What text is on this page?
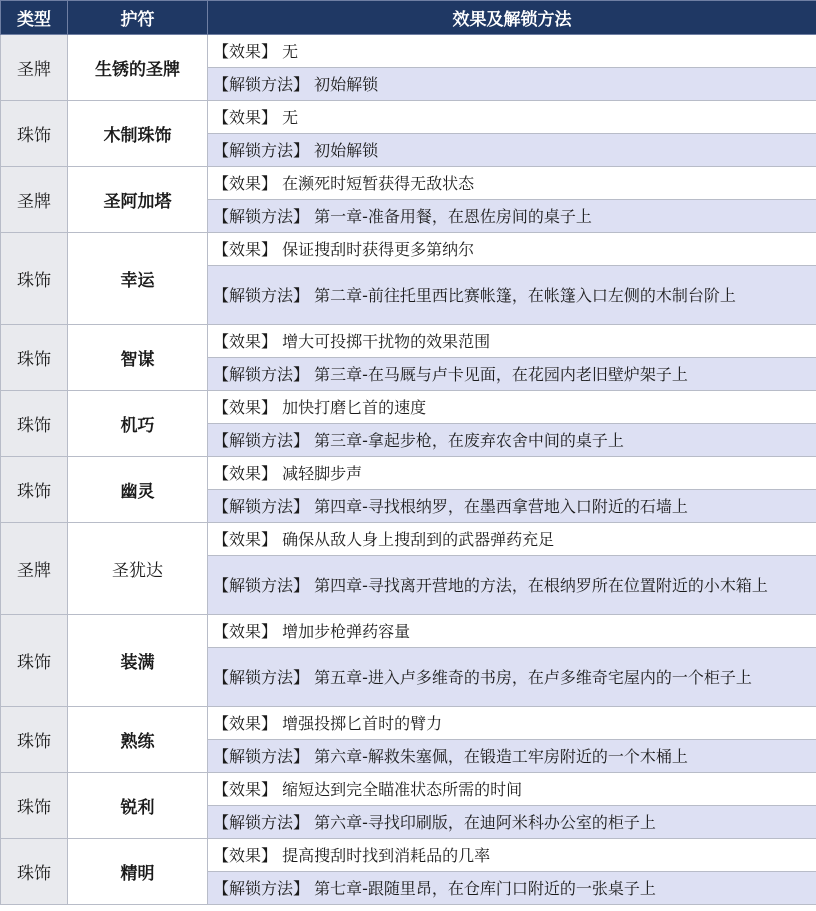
类型	护符	效果及解锁方法
圣牌	生锈的圣牌	【效果】 无
		【解锁方法】 初始解锁
珠饰	木制珠饰	【效果】 无
		【解锁方法】 初始解锁
圣牌	圣阿加塔	【效果】 在濒死时短暂获得无敌状态
		【解锁方法】 第一章-准备用餐，在恩佐房间的桌子上
珠饰	幸运	【效果】 保证搜刮时获得更多第纳尔
		【解锁方法】 第二章-前往托里西比赛帐篷，在帐篷入口左侧的木制台阶上
珠饰	智谋	【效果】 增大可投掷干扰物的效果范围
		【解锁方法】 第三章-在马厩与卢卡见面，在花园内老旧壁炉架子上
珠饰	机巧	【效果】 加快打磨匕首的速度
		【解锁方法】 第三章-拿起步枪，在废弃农舍中间的桌子上
珠饰	幽灵	【效果】 减轻脚步声
		【解锁方法】 第四章-寻找根纳罗，在墨西拿营地入口附近的石墙上
圣牌	圣犹达	【效果】 确保从敌人身上搜刮到的武器弹药充足
		【解锁方法】 第四章-寻找离开营地的方法，在根纳罗所在位置附近的小木箱上
珠饰	装满	【效果】 增加步枪弹药容量
		【解锁方法】 第五章-进入卢多维奇的书房，在卢多维奇宅屋内的一个柜子上
珠饰	熟练	【效果】 增强投掷匕首时的臂力
		【解锁方法】 第六章-解救朱塞佩，在锻造工牢房附近的一个木桶上
珠饰	锐利	【效果】 缩短达到完全瞄准状态所需的时间
		【解锁方法】 第六章-寻找印刷版，在迪阿米科办公室的柜子上
珠饰	精明	【效果】 提高搜刮时找到消耗品的几率
		【解锁方法】 第七章-跟随里昂，在仓库门口附近的一张桌子上
